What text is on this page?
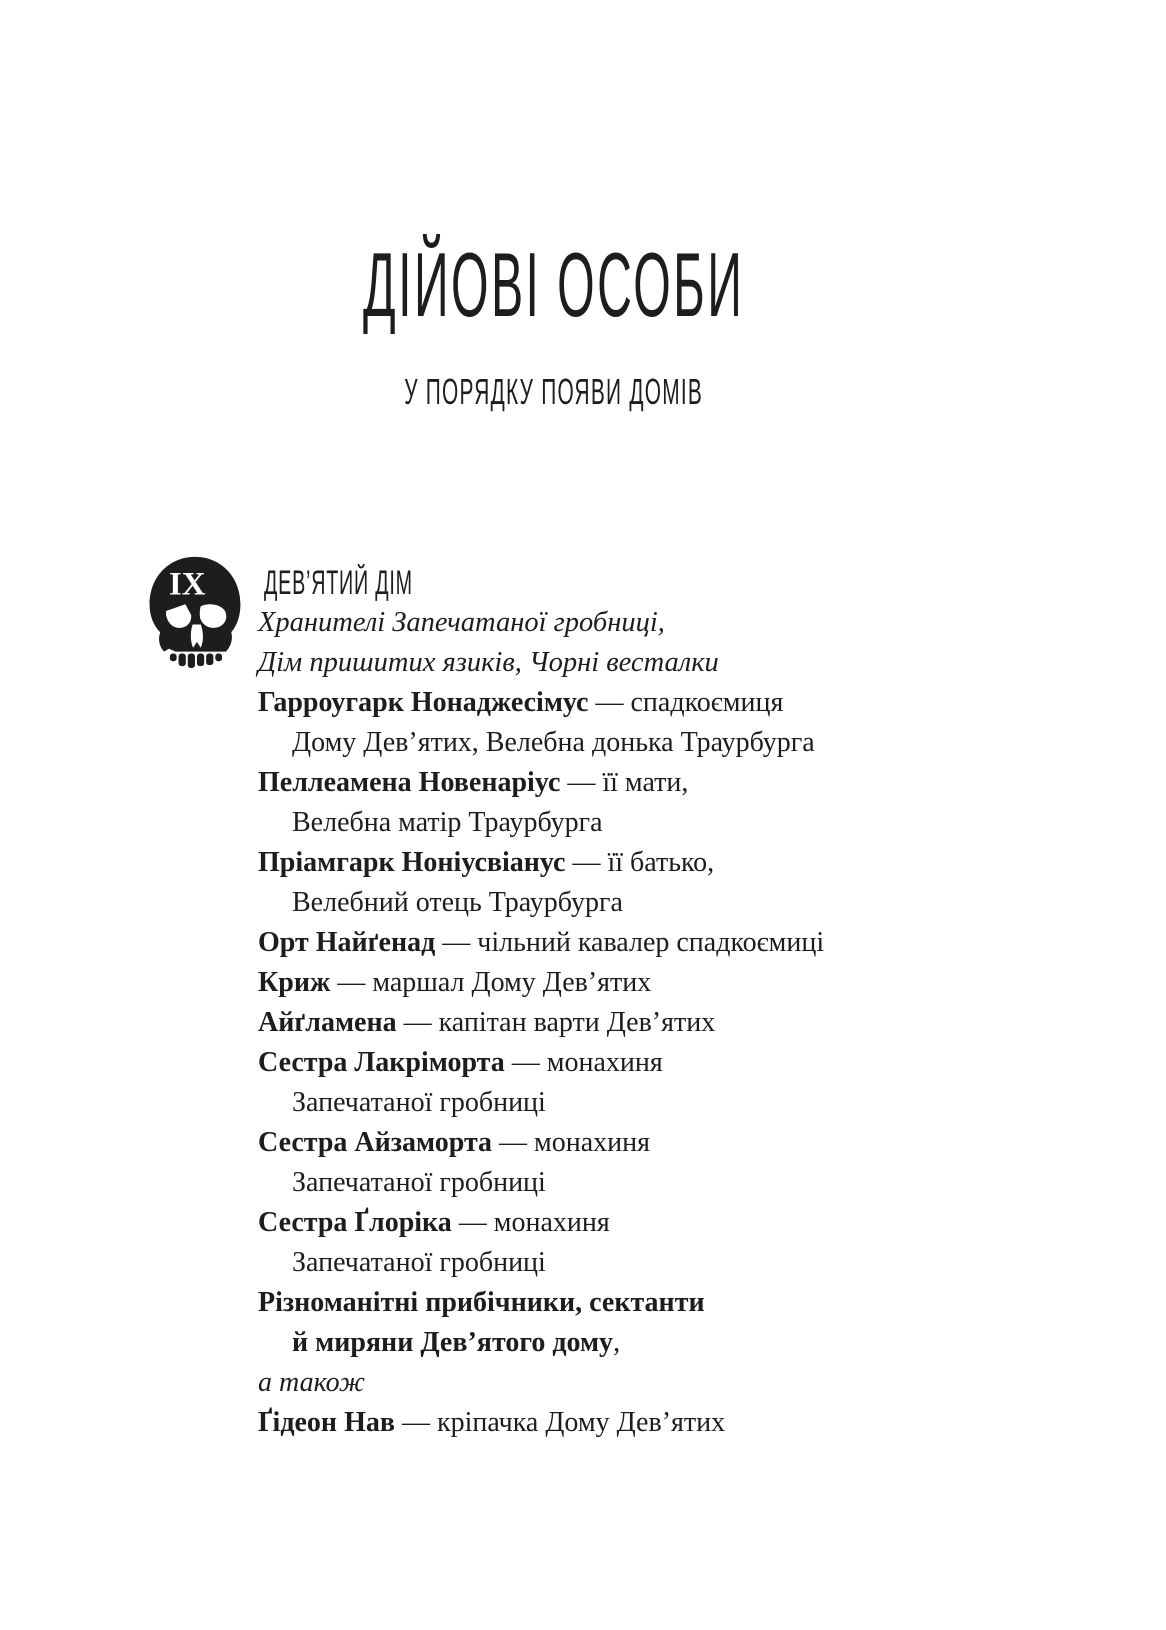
ДІЙОВІ ОСОБИ
У ПОРЯДКУ ПОЯВИ ДОМІВ
IX ДЕВ’ЯТИЙ ДІМ

Хранителі Запечатаної гробниці,

Дім пришитих язиків, Чорні весталки

Гарроугарк Нонаджесімус — спадкоємиця

Дому Дев’ятих, Велебна донька Траурбурга

Пеллеамена Новенаріус — її мати,

Велебна матір Траурбурга

Пріамгарк Ноніусвіанус — її батько,

Велебний отець Траурбурга

Орт Найґенад — чільний кавалер спадкоємиці

Криж — маршал Дому Дев’ятих

Айґламена — капітан варти Дев’ятих

Сестра Лакріморта — монахиня

Запечатаної гробниці

Сестра Айзаморта — монахиня

Запечатаної гробниці

Сестра Ґлоріка — монахиня

Запечатаної гробниці

Різноманітні прибічники, сектанти

й миряни Дев’ятого дому,

а також

Ґідеон Нав — кріпачка Дому Дев’ятих
